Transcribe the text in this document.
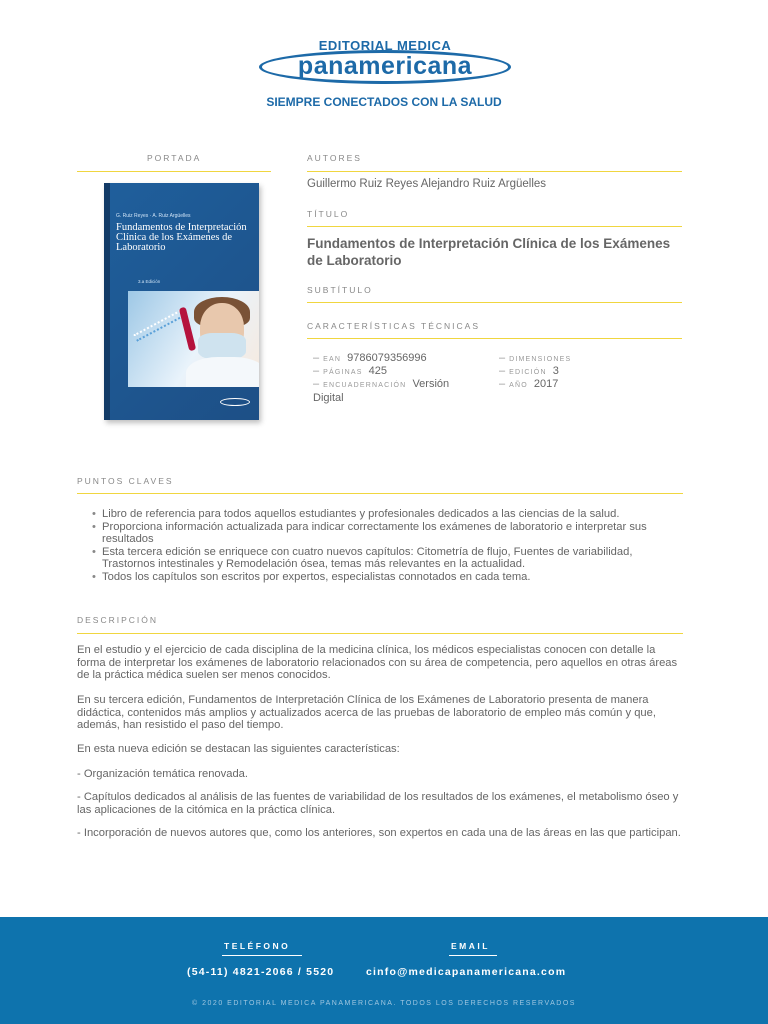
EDITORIAL MEDICA
panamericana
SIEMPRE CONECTADOS CON LA SALUD
PORTADA
G. Ruiz Reyes · A. Ruiz Argüelles
Fundamentos de Interpretación Clínica de los Exámenes de Laboratorio
3.a Edición
AUTORES
Guillermo Ruiz Reyes Alejandro Ruiz Argüelles
TÍTULO
Fundamentos de Interpretación Clínica de los Exámenes de Laboratorio
SUBTÍTULO
CARACTERÍSTICAS TÉCNICAS
– EAN 9786079356996
– PÁGINAS 425
– ENCUADERNACIÓN Versión Digital
– DIMENSIONES
– EDICIÓN 3
– AÑO 2017
PUNTOS CLAVES
• Libro de referencia para todos aquellos estudiantes y profesionales dedicados a las ciencias de la salud.
• Proporciona información actualizada para indicar correctamente los exámenes de laboratorio e interpretar sus resultados
• Esta tercera edición se enriquece con cuatro nuevos capítulos: Citometría de flujo, Fuentes de variabilidad, Trastornos intestinales y Remodelación ósea, temas más relevantes en la actualidad.
• Todos los capítulos son escritos por expertos, especialistas connotados en cada tema.
DESCRIPCIÓN

En el estudio y el ejercicio de cada disciplina de la medicina clínica, los médicos especialistas conocen con detalle la forma de interpretar los exámenes de laboratorio relacionados con su área de competencia, pero aquellos en otras áreas de la práctica médica suelen ser menos conocidos.

En su tercera edición, Fundamentos de Interpretación Clínica de los Exámenes de Laboratorio presenta de manera didáctica, contenidos más amplios y actualizados acerca de las pruebas de laboratorio de empleo más común y que, además, han resistido el paso del tiempo.

En esta nueva edición se destacan las siguientes características:

- Organización temática renovada.

- Capítulos dedicados al análisis de las fuentes de variabilidad de los resultados de los exámenes, el metabolismo óseo y las aplicaciones de la citómica en la práctica clínica.

- Incorporación de nuevos autores que, como los anteriores, son expertos en cada una de las áreas en las que participan.

TELÉFONO
(54-11) 4821-2066 / 5520
EMAIL
cinfo@medicapanamericana.com
© 2020 EDITORIAL MEDICA PANAMERICANA. TODOS LOS DERECHOS RESERVADOS
